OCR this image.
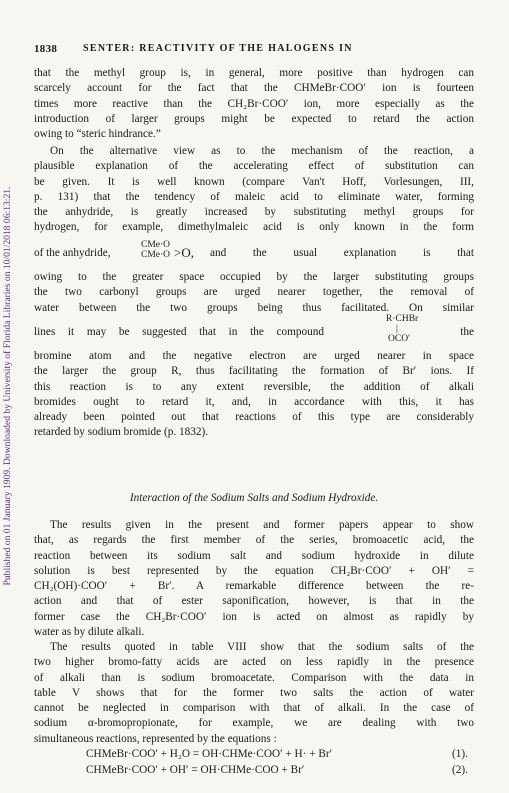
Published on 01 January 1909. Downloaded by University of Florida Libraries on 10/01/2018 06:13:21.
1838	SENTER: REACTIVITY OF THE HALOGENS IN

that the methyl group is, in general, more positive than hydrogen can

scarcely account for the fact that the CHMeBr·COO′ ion is fourteen

times more reactive than the CH₂Br·COO′ ion, more especially as the

introduction of larger groups might be expected to retard the action

owing to “steric hindrance.”

On the alternative view as to the mechanism of the reaction, a

plausible explanation of the accelerating effect of substitution can

be given. It is well known (compare Van't Hoff, Vorlesungen, III,

p. 131) that the tendency of maleic acid to eliminate water, forming

the anhydride, is greatly increased by substituting methyl groups for

hydrogen, for example, dimethylmaleic acid is only known in the form

of the anhydride,
CMe·O
CMe·O >O, and the usual explanation is that

owing to the greater space occupied by the larger substituting groups

the two carbonyl groups are urged nearer together, the removal of

water between the two groups being thus facilitated. On similar

lines it may be suggested that in the compound
R·CHBr
|
OCO′
the

bromine atom and the negative electron are urged nearer in space

the larger the group R, thus facilitating the formation of Br′ ions. If

this reaction is to any extent reversible, the addition of alkali

bromides ought to retard it, and, in accordance with this, it has

already been pointed out that reactions of this type are considerably

retarded by sodium bromide (p. 1832).

Interaction of the Sodium Salts and Sodium Hydroxide.

The results given in the present and former papers appear to show

that, as regards the first member of the series, bromoacetic acid, the

reaction between its sodium salt and sodium hydroxide in dilute

solution is best represented by the equation CH₂Br·COO′ + OH′ =

CH₂(OH)·COO′ + Br′. A remarkable difference between the re-

action and that of ester saponification, however, is that in the

former case the CH₂Br·COO′ ion is acted on almost as rapidly by

water as by dilute alkali.

The results quoted in table VIII show that the sodium salts of the

two higher bromo-fatty acids are acted on less rapidly in the presence

of alkali than is sodium bromoacetate. Comparison with the data in

table V shows that for the former two salts the action of water

cannot be neglected in comparison with that of alkali. In the case of

sodium α-bromopropionate, for example, we are dealing with two

simultaneous reactions, represented by the equations :

CHMeBr·COO′ + H₂O = OH·CHMe·COO′ + H· + Br′	(1).
CHMeBr·COO′ + OH′ = OH·CHMe·COO + Br′	(2).
